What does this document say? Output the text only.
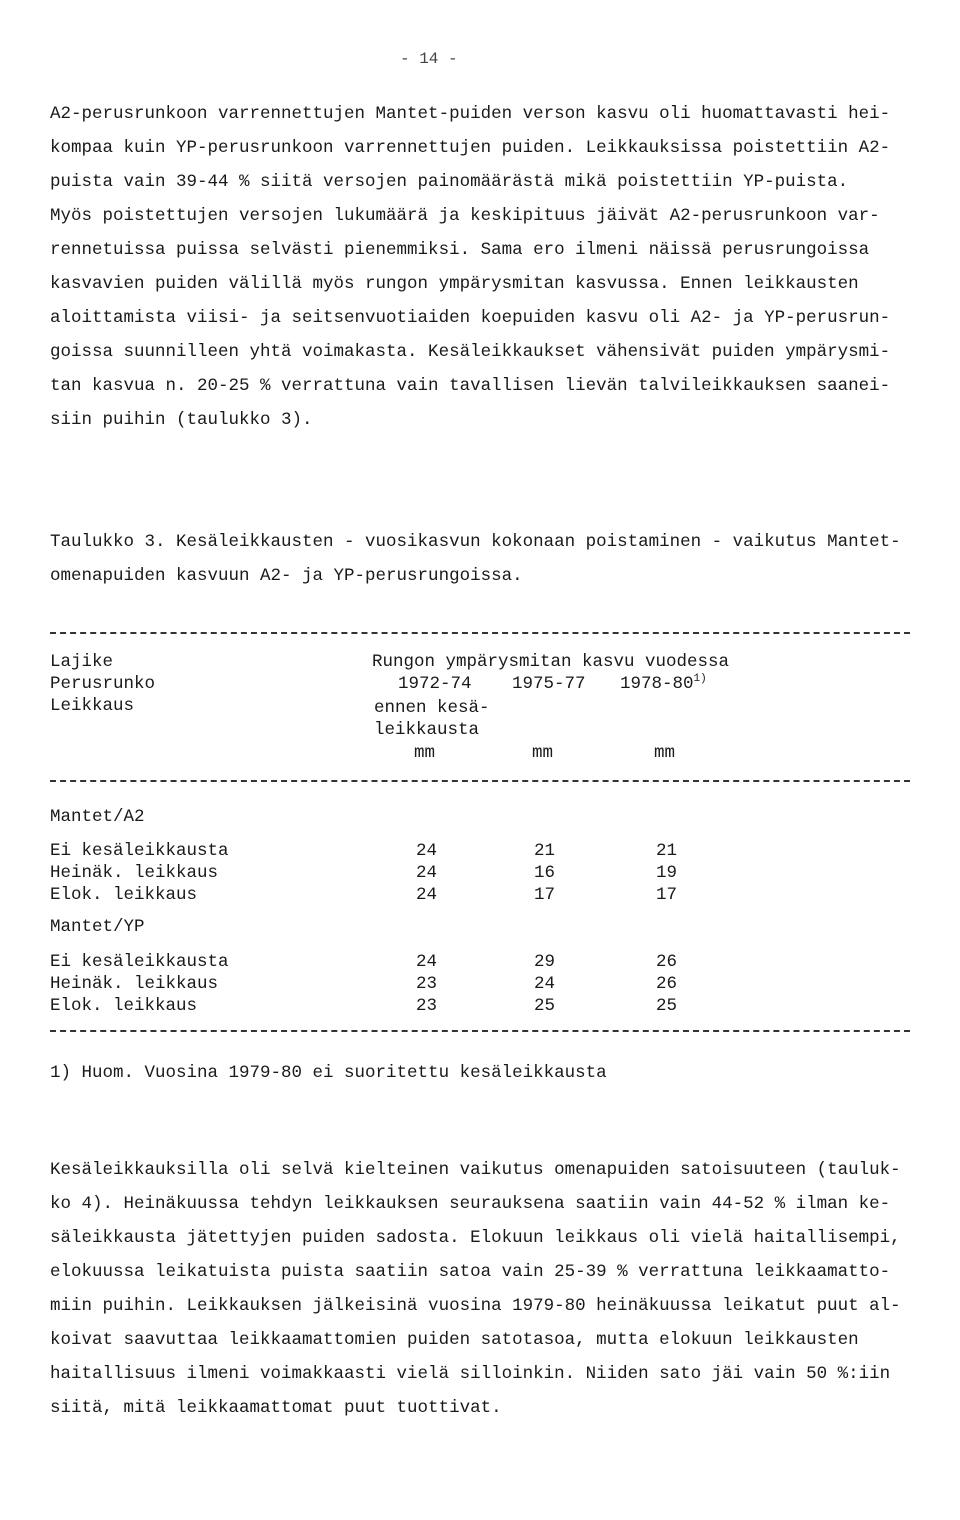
- 14 -
A2-perusrunkoon varrennettujen Mantet-puiden verson kasvu oli huomattavasti hei-
kompaa kuin YP-perusrunkoon varrennettujen puiden. Leikkauksissa poistettiin A2-
puista vain 39-44 % siitä versojen painomäärästä mikä poistettiin YP-puista.
Myös poistettujen versojen lukumäärä ja keskipituus jäivät A2-perusrunkoon var-
rennetuissa puissa selvästi pienemmiksi. Sama ero ilmeni näissä perusrungoissa
kasvavien puiden välillä myös rungon ympärysmitan kasvussa. Ennen leikkausten
aloittamista viisi- ja seitsenvuotiaiden koepuiden kasvu oli A2- ja YP-perusrun-
goissa suunnilleen yhtä voimakasta. Kesäleikkaukset vähensivät puiden ympärysmi-
tan kasvua n. 20-25 % verrattuna vain tavallisen lievän talvileikkauksen saanei-
siin puihin (taulukko 3).
Taulukko 3. Kesäleikkausten - vuosikasvun kokonaan poistaminen - vaikutus Mantet-
omenapuiden kasvuun A2- ja YP-perusrungoissa.
Lajike
Perusrunko
Leikkaus
Rungon ympärysmitan kasvu vuodessa
1972-74 1975-77 1978-80$^{1)}$
ennen kesä-
leikkausta
mm	mm	mm
Mantet/A2
Ei kesäleikkausta	24	21	21
Heinäk. leikkaus	24	16	19
Elok. leikkaus	24	17	17
Mantet/YP
Ei kesäleikkausta	24	29	26
Heinäk. leikkaus	23	24	26
Elok. leikkaus	23	25	25
1) Huom. Vuosina 1979-80 ei suoritettu kesäleikkausta
Kesäleikkauksilla oli selvä kielteinen vaikutus omenapuiden satoisuuteen (tauluk-
ko 4). Heinäkuussa tehdyn leikkauksen seurauksena saatiin vain 44-52 % ilman ke-
säleikkausta jätettyjen puiden sadosta. Elokuun leikkaus oli vielä haitallisempi,
elokuussa leikatuista puista saatiin satoa vain 25-39 % verrattuna leikkaamatto-
miin puihin. Leikkauksen jälkeisinä vuosina 1979-80 heinäkuussa leikatut puut al-
koivat saavuttaa leikkaamattomien puiden satotasoa, mutta elokuun leikkausten
haitallisuus ilmeni voimakkaasti vielä silloinkin. Niiden sato jäi vain 50 %:iin
siitä, mitä leikkaamattomat puut tuottivat.
